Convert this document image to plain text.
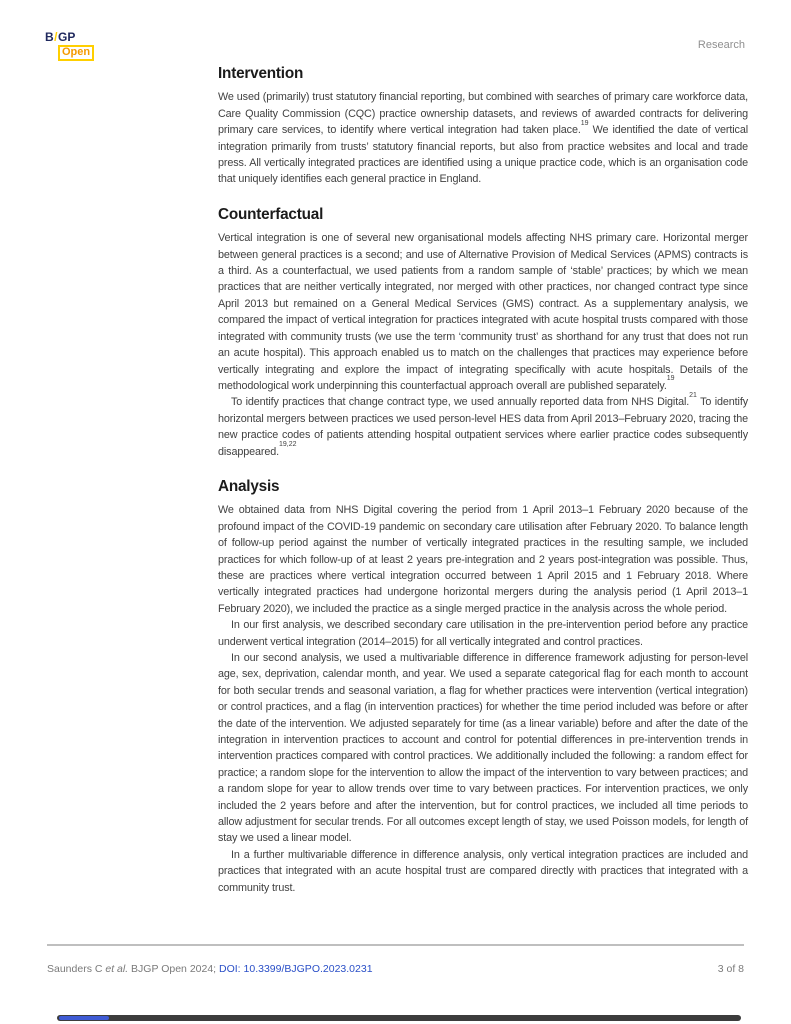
B/GP
Open
Research
Intervention

We used (primarily) trust statutory financial reporting, but combined with searches of primary care workforce data, Care Quality Commission (CQC) practice ownership datasets, and reviews of awarded contracts for delivering primary care services, to identify where vertical integration had taken place.$^{19}$ We identified the date of vertical integration primarily from trusts’ statutory financial reports, but also from practice websites and local and trade press. All vertically integrated practices are identified using a unique practice code, which is an organisation code that uniquely identifies each general practice in England.

Counterfactual

Vertical integration is one of several new organisational models affecting NHS primary care. Horizontal merger between general practices is a second; and use of Alternative Provision of Medical Services (APMS) contracts is a third. As a counterfactual, we used patients from a random sample of ‘stable’ practices; by which we mean practices that are neither vertically integrated, nor merged with other practices, nor changed contract type since April 2013 but remained on a General Medical Services (GMS) contract. As a supplementary analysis, we compared the impact of vertical integration for practices integrated with acute hospital trusts compared with those integrated with community trusts (we use the term ‘community trust’ as shorthand for any trust that does not run an acute hospital). This approach enabled us to match on the challenges that practices may experience before vertically integrating and explore the impact of integrating specifically with acute hospitals. Details of the methodological work underpinning this counterfactual approach overall are published separately.$^{19}$

To identify practices that change contract type, we used annually reported data from NHS Digital.$^{21}$ To identify horizontal mergers between practices we used person-level HES data from April 2013–February 2020, tracing the new practice codes of patients attending hospital outpatient services where earlier practice codes subsequently disappeared.$^{19,22}$

Analysis

We obtained data from NHS Digital covering the period from 1 April 2013–1 February 2020 because of the profound impact of the COVID-19 pandemic on secondary care utilisation after February 2020. To balance length of follow-up period against the number of vertically integrated practices in the resulting sample, we included practices for which follow-up of at least 2 years pre-integration and 2 years post-integration was possible. Thus, these are practices where vertical integration occurred between 1 April 2015 and 1 February 2018. Where vertically integrated practices had undergone horizontal mergers during the analysis period (1 April 2013–1 February 2020), we included the practice as a single merged practice in the analysis across the whole period.

In our first analysis, we described secondary care utilisation in the pre-intervention period before any practice underwent vertical integration (2014–2015) for all vertically integrated and control practices.

In our second analysis, we used a multivariable difference in difference framework adjusting for person-level age, sex, deprivation, calendar month, and year. We used a separate categorical flag for each month to account for both secular trends and seasonal variation, a flag for whether practices were intervention (vertical integration) or control practices, and a flag (in intervention practices) for whether the time period included was before or after the date of the intervention. We adjusted separately for time (as a linear variable) before and after the date of the integration in intervention practices to account and control for potential differences in pre-intervention trends in intervention practices compared with control practices. We additionally included the following: a random effect for practice; a random slope for the intervention to allow the impact of the intervention to vary between practices; and a random slope for year to allow trends over time to vary between practices. For intervention practices, we only included the 2 years before and after the intervention, but for control practices, we included all time periods to allow adjustment for secular trends. For all outcomes except length of stay, we used Poisson models, for length of stay we used a linear model.

In a further multivariable difference in difference analysis, only vertical integration practices are included and practices that integrated with an acute hospital trust are compared directly with practices that integrated with a community trust.

Saunders C et al. BJGP Open 2024; DOI: 10.3399/BJGPO.2023.0231	3 of 8
